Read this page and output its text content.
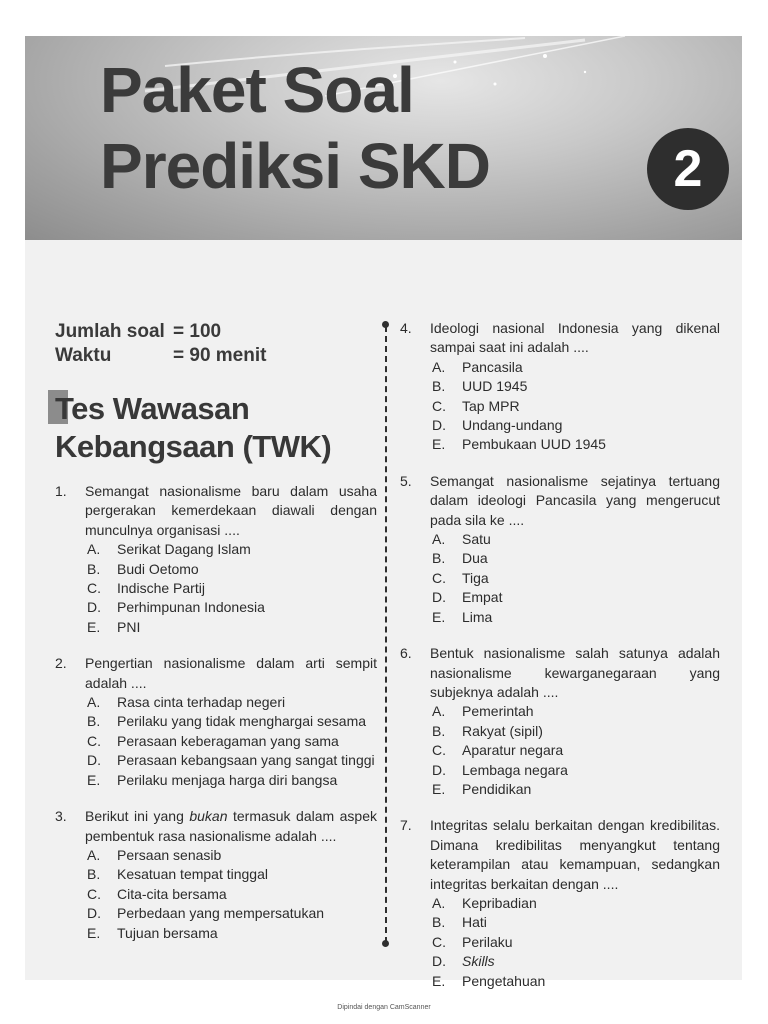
Paket Soal
Prediksi SKD	2
Jumlah soal = 100
Waktu	= 90 menit
Tes Wawasan
Kebangsaan (TWK)
1. Semangat nasionalisme baru dalam usaha pergerakan kemerdekaan diawali dengan munculnya organisasi ....
A. Serikat Dagang Islam
B. Budi Oetomo
C. Indische Partij
D. Perhimpunan Indonesia
E. PNI
2. Pengertian nasionalisme dalam arti sempit adalah ....
A. Rasa cinta terhadap negeri
B. Perilaku yang tidak menghargai sesama
C. Perasaan keberagaman yang sama
D. Perasaan kebangsaan yang sangat tinggi
E. Perilaku menjaga harga diri bangsa
3. Berikut ini yang bukan termasuk dalam aspek pembentuk rasa nasionalisme adalah ....
A. Persaan senasib
B. Kesatuan tempat tinggal
C. Cita-cita bersama
D. Perbedaan yang mempersatukan
E. Tujuan bersama
4. Ideologi nasional Indonesia yang dikenal sampai saat ini adalah ....
A. Pancasila
B. UUD 1945
C. Tap MPR
D. Undang-undang
E. Pembukaan UUD 1945
5. Semangat nasionalisme sejatinya tertuang dalam ideologi Pancasila yang mengerucut pada sila ke ....
A. Satu
B. Dua
C. Tiga
D. Empat
E. Lima
6. Bentuk nasionalisme salah satunya adalah nasionalisme kewarganegaraan yang subjeknya adalah ....
A. Pemerintah
B. Rakyat (sipil)
C. Aparatur negara
D. Lembaga negara
E. Pendidikan
7. Integritas selalu berkaitan dengan kredibilitas. Dimana kredibilitas menyangkut tentang keterampilan atau kemampuan, sedangkan integritas berkaitan dengan ....
A. Kepribadian
B. Hati
C. Perilaku
D. Skills
E. Pengetahuan
Dipindai dengan CamScanner
